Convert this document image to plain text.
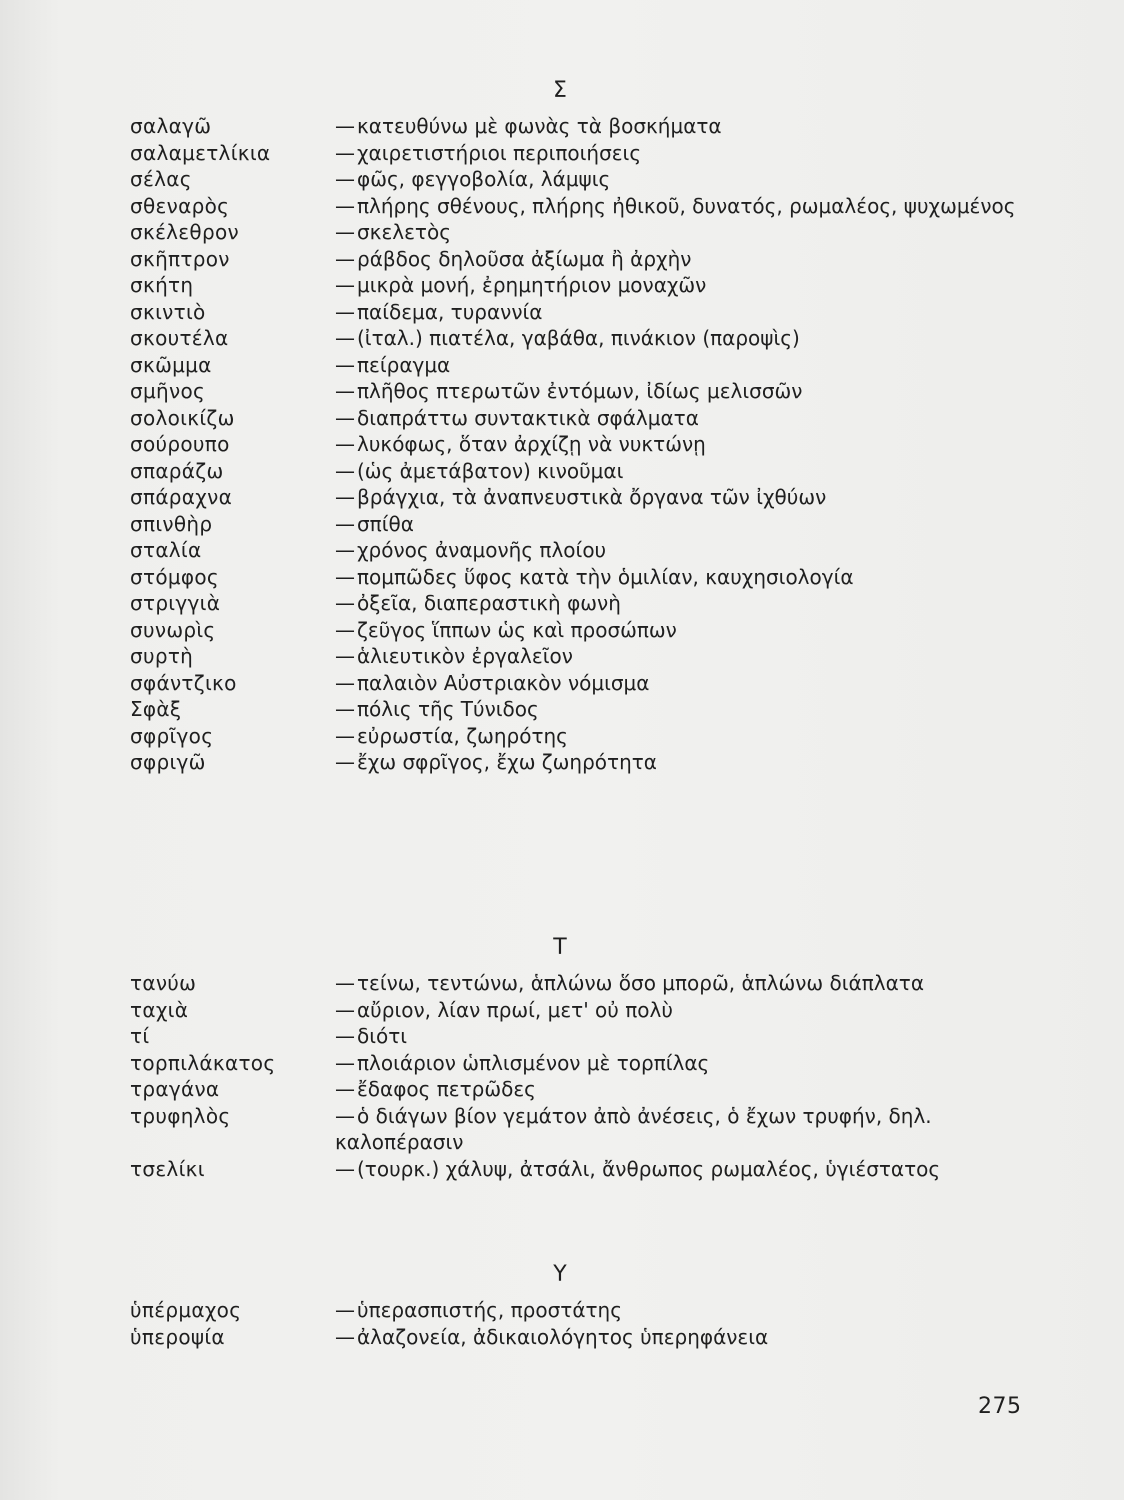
Σ
σαλαγῶ	— κατευθύνω μὲ φωνὰς τὰ βοσκήματα
σαλαμετλίκια	— χαιρετιστήριοι περιποιήσεις
σέλας	— φῶς, φεγγοβολία, λάμψις
σθεναρὸς	— πλήρης σθένους, πλήρης ἠθικοῦ, δυνατός, ρωμαλέος, ψυχωμένος
σκέλεθρον	— σκελετὸς
σκῆπτρον	— ράβδος δηλοῦσα ἀξίωμα ἢ ἀρχὴν
σκήτη	— μικρὰ μονή, ἐρημητήριον μοναχῶν
σκιντιὸ	— παίδεμα, τυραννία
σκουτέλα	— (ἰταλ.) πιατέλα, γαβάθα, πινάκιον (παροψὶς)
σκῶμμα	— πείραγμα
σμῆνος	— πλῆθος πτερωτῶν ἐντόμων, ἰδίως μελισσῶν
σολοικίζω	— διαπράττω συντακτικὰ σφάλματα
σούρουπο	— λυκόφως, ὅταν ἀρχίζῃ νὰ νυκτώνῃ
σπαράζω	— (ὡς ἀμετάβατον) κινοῦμαι
σπάραχνα	— βράγχια, τὰ ἀναπνευστικὰ ὄργανα τῶν ἰχθύων
σπινθὴρ	— σπίθα
σταλία	— χρόνος ἀναμονῆς πλοίου
στόμφος	— πομπῶδες ὕφος κατὰ τὴν ὁμιλίαν, καυχησιολογία
στριγγιὰ	— ὀξεῖα, διαπεραστικὴ φωνὴ
συνωρὶς	— ζεῦγος ἵππων ὡς καὶ προσώπων
συρτὴ	— ἁλιευτικὸν ἐργαλεῖον
σφάντζικο	— παλαιὸν Αὐστριακὸν νόμισμα
Σφὰξ	— πόλις τῆς Τύνιδος
σφρῖγος	— εὐρωστία, ζωηρότης
σφριγῶ	— ἔχω σφρῖγος, ἔχω ζωηρότητα
Τ
τανύω	— τείνω, τεντώνω, ἁπλώνω ὅσο μπορῶ, ἁπλώνω διάπλατα
ταχιὰ	— αὔριον, λίαν πρωί, μετ' οὐ πολὺ
τί	— διότι
τορπιλάκατος	— πλοιάριον ὡπλισμένον μὲ τορπίλας
τραγάνα	— ἔδαφος πετρῶδες
τρυφηλὸς	— ὁ διάγων βίον γεμάτον ἀπὸ ἀνέσεις, ὁ ἔχων τρυφήν, δηλ. καλοπέρασιν
τσελίκι	— (τουρκ.) χάλυψ, ἀτσάλι, ἄνθρωπος ρωμαλέος, ὑγιέστατος
Υ
ὑπέρμαχος	— ὑπερασπιστής, προστάτης
ὑπεροψία	— ἀλαζονεία, ἀδικαιολόγητος ὑπερηφάνεια
275
